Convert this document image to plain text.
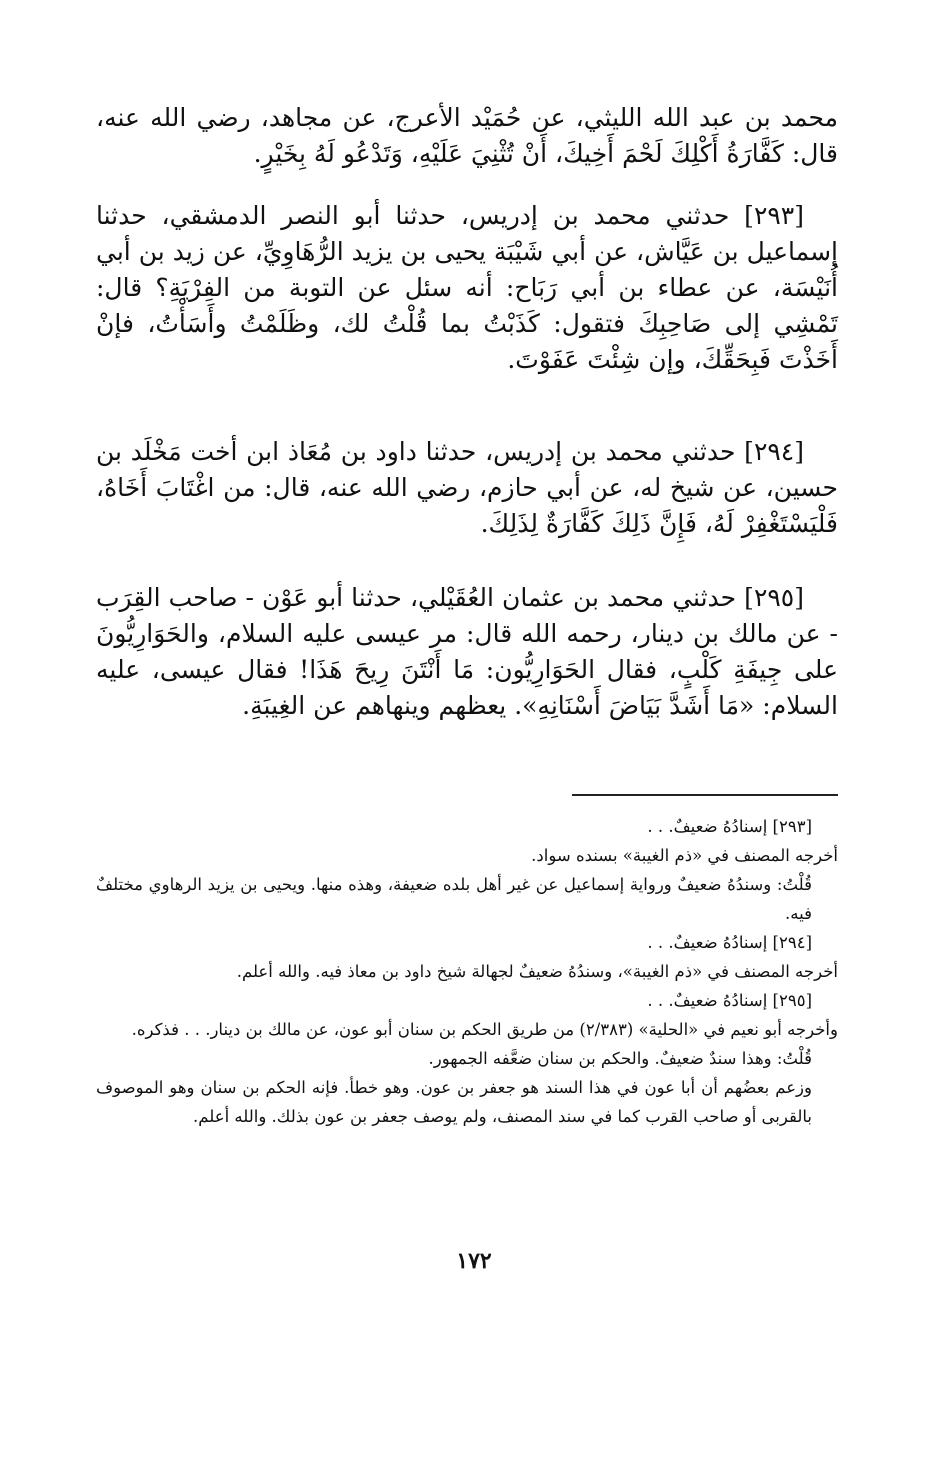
محمد بن عبد الله الليثي، عن حُمَيْد الأعرج، عن مجاهد، رضي الله عنه، قال: كَفَّارَةُ أَكْلِكَ لَحْمَ أَخِيكَ، أَنْ تُثْنِيَ عَلَيْهِ، وَتَدْعُو لَهُ بِخَيْرٍ.
[٢٩٣] حدثني محمد بن إدريس، حدثنا أبو النصر الدمشقي، حدثنا إسماعيل بن عَيَّاش، عن أبي شَيْبَة يحيى بن يزيد الرُّهَاوِيِّ، عن زيد بن أبي أُنَيْسَة، عن عطاء بن أبي رَبَاح: أنه سئل عن التوبة من الفِرْيَةِ؟ قال: تَمْشِي إلى صَاحِبِكَ فتقول: كَذَبْتُ بما قُلْتُ لك، وظَلَمْتُ وأَسَأْتُ، فإنْ أَخَذْتَ فَبِحَقِّكَ، وإن شِئْتَ عَفَوْتَ.
[٢٩٤] حدثني محمد بن إدريس، حدثنا داود بن مُعَاذ ابن أخت مَخْلَد بن حسين، عن شيخ له، عن أبي حازم، رضي الله عنه، قال: من اغْتَابَ أَخَاهُ، فَلْيَسْتَغْفِرْ لَهُ، فَإِنَّ ذَلِكَ كَفَّارَةٌ لِذَلِكَ.
[٢٩٥] حدثني محمد بن عثمان العُقَيْلي، حدثنا أبو عَوْن - صاحب القِرَب - عن مالك بن دينار، رحمه الله قال: مر عيسى عليه السلام، والحَوَارِيُّونَ على جِيفَةِ كَلْبٍ، فقال الحَوَارِيُّون: مَا أَنْتَنَ رِيحَ هَذَا! فقال عيسى، عليه السلام: «مَا أَشَدَّ بَيَاضَ أَسْنَانِهِ». يعظهم وينهاهم عن الغِيبَةِ.
[٢٩٣] إسنادُهُ ضعيفٌ. . .
أخرجه المصنف في «ذم الغيبة» بسنده سواد.
قُلْتُ: وسندُهُ ضعيفٌ ورواية إسماعيل عن غير أهل بلده ضعيفة، وهذه منها. ويحيى بن يزيد الرهاوي مختلفٌ فيه.
[٢٩٤] إسنادُهُ ضعيفٌ. . .
أخرجه المصنف في «ذم الغيبة»، وسندُهُ ضعيفٌ لجهالة شيخ داود بن معاذ فيه. والله أعلم.
[٢٩٥] إسنادُهُ ضعيفٌ. . .
وأخرجه أبو نعيم في «الحلية» (٢/٣٨٣) من طريق الحكم بن سنان أبو عون، عن مالك بن دينار. . . فذكره.
قُلْتُ: وهذا سندٌ ضعيفٌ. والحكم بن سنان ضعَّفه الجمهور.
وزعم بعضُهم أن أبا عون في هذا السند هو جعفر بن عون. وهو خطأ. فإنه الحكم بن سنان وهو الموصوف بالقربى أو صاحب القرب كما في سند المصنف، ولم يوصف جعفر بن عون بذلك. والله أعلم.
١٧٢
